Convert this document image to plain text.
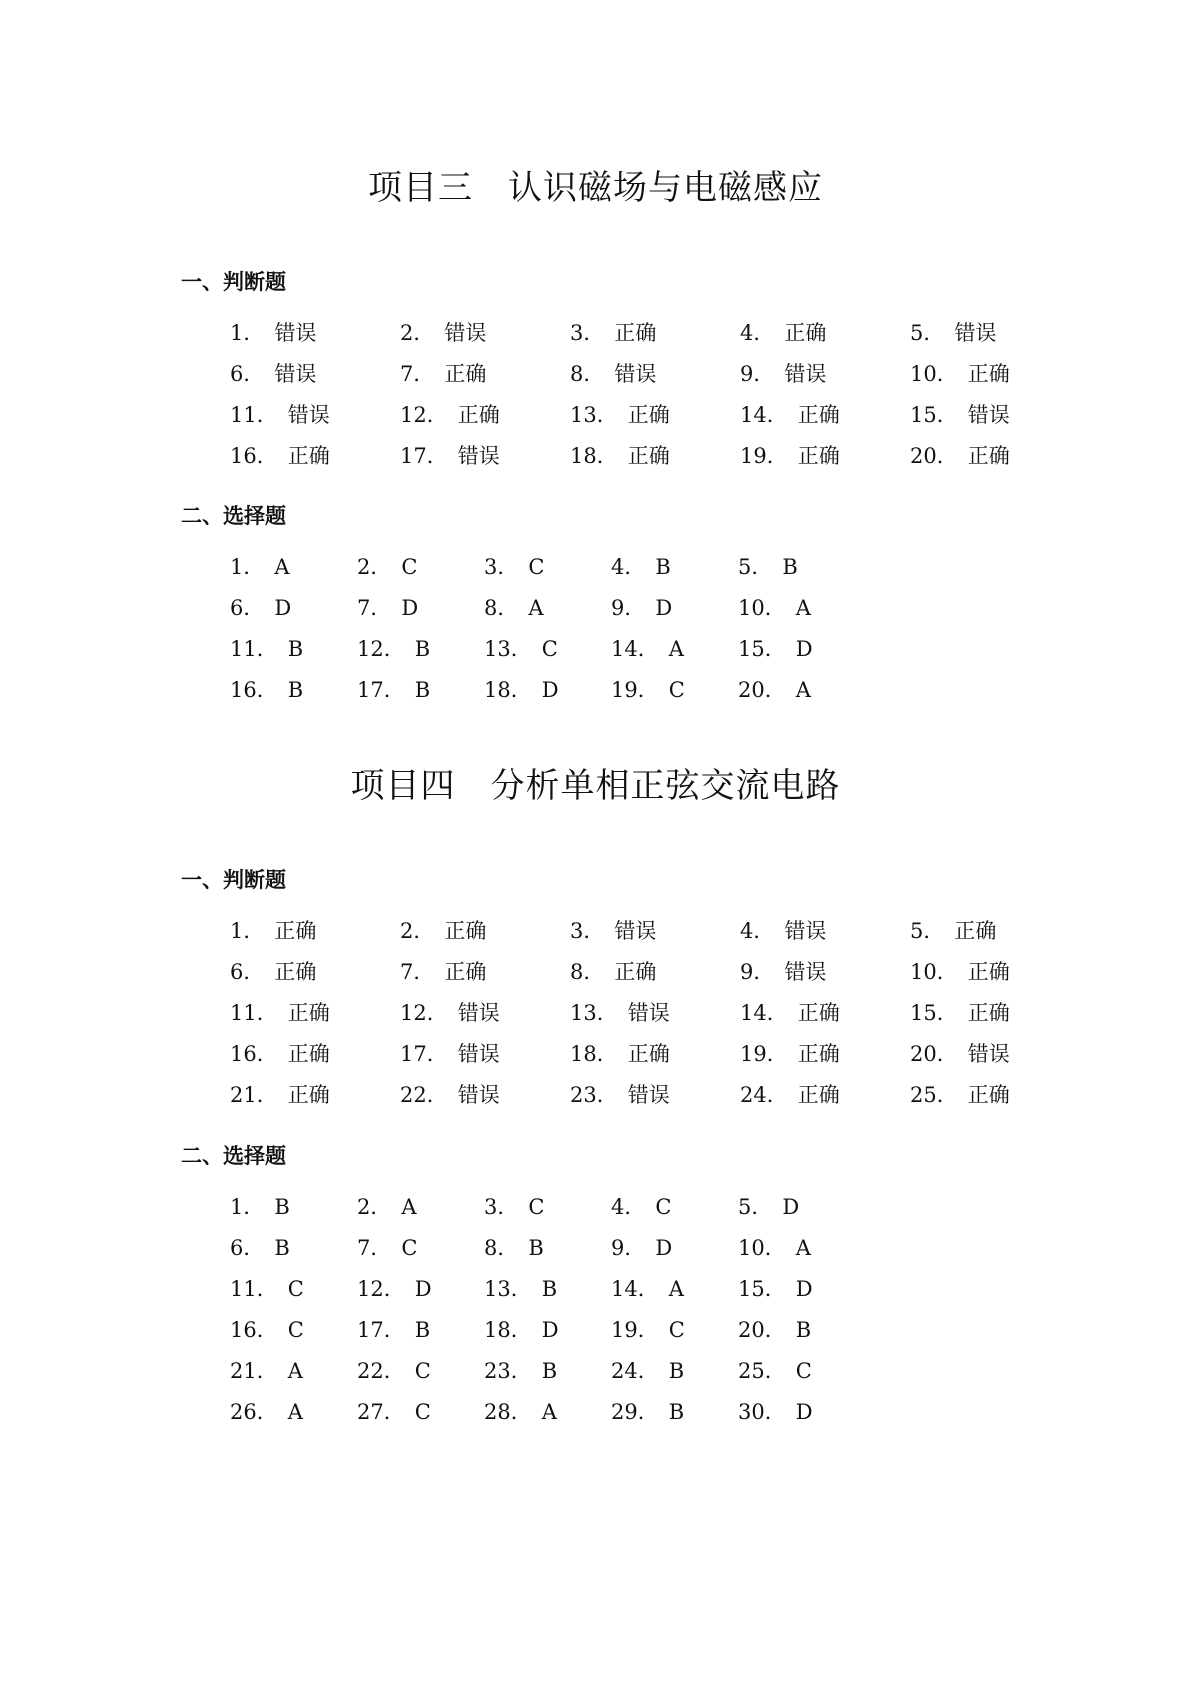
项目三　认识磁场与电磁感应
一、判断题
1． 错误	2． 错误	3． 正确	4． 正确	5． 错误
6． 错误	7． 正确	8． 错误	9． 错误	10． 正确
11． 错误	12． 正确	13． 正确	14． 正确	15． 错误
16． 正确	17． 错误	18． 正确	19． 正确	20． 正确
二、选择题
1． A	2． C	3． C	4． B	5． B
6． D	7． D	8． A	9． D	10． A
11． B	12． B	13． C	14． A	15． D
16． B	17． B	18． D	19． C	20． A
项目四　分析单相正弦交流电路
一、判断题
1． 正确	2． 正确	3． 错误	4． 错误	5． 正确
6． 正确	7． 正确	8． 正确	9． 错误	10． 正确
11． 正确	12． 错误	13． 错误	14． 正确	15． 正确
16． 正确	17． 错误	18． 正确	19． 正确	20． 错误
21． 正确	22． 错误	23． 错误	24． 正确	25． 正确
二、选择题
1． B	2． A	3． C	4． C	5． D
6． B	7． C	8． B	9． D	10． A
11． C	12． D	13． B	14． A	15． D
16． C	17． B	18． D	19． C	20． B
21． A	22． C	23． B	24． B	25． C
26． A	27． C	28． A	29． B	30． D
